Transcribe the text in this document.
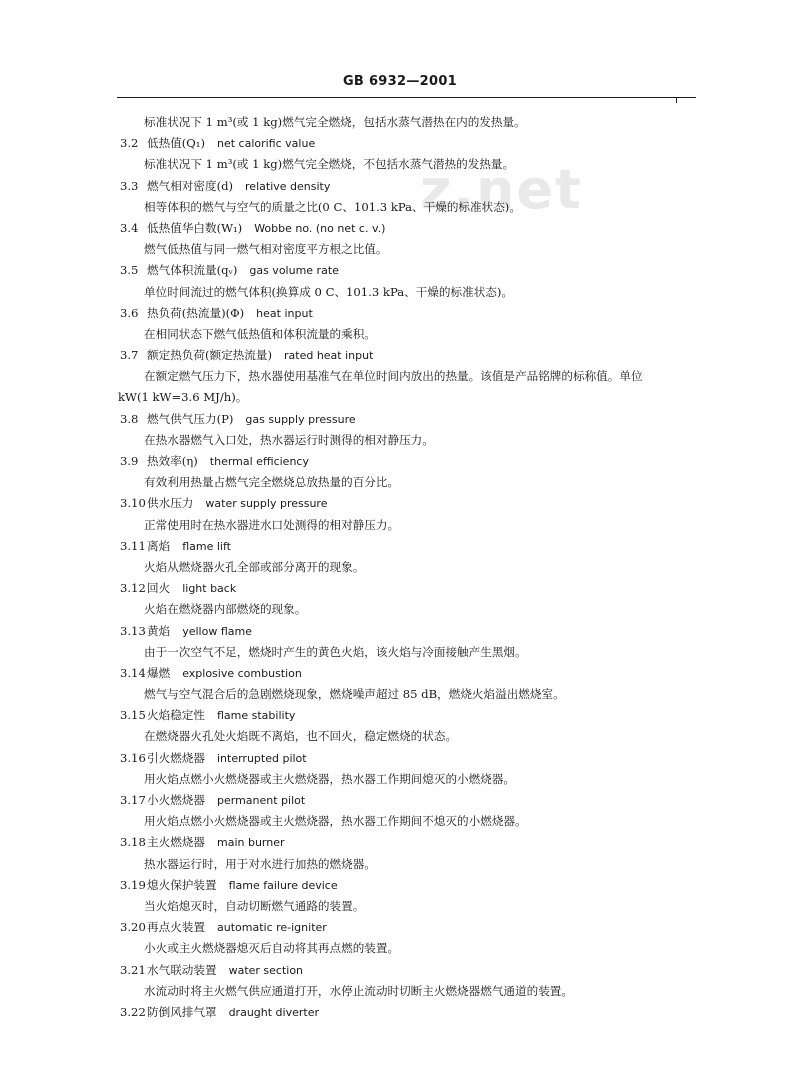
z.net
GB 6932—2001
标准状况下 1 m³(或 1 kg)燃气完全燃烧，包括水蒸气潜热在内的发热量。
3.2 低热值(Q₁) net calorific value
标准状况下 1 m³(或 1 kg)燃气完全燃烧，不包括水蒸气潜热的发热量。
3.3 燃气相对密度(d) relative density
相等体积的燃气与空气的质量之比(0 C、101.3 kPa、干燥的标准状态)。
3.4 低热值华白数(W₁) Wobbe no. (no net c. v.)
燃气低热值与同一燃气相对密度平方根之比值。
3.5 燃气体积流量(qᵥ) gas volume rate
单位时间流过的燃气体积(换算成 0 C、101.3 kPa、干燥的标准状态)。
3.6 热负荷(热流量)(Φ) heat input
在相同状态下燃气低热值和体积流量的乘积。
3.7 额定热负荷(额定热流量) rated heat input
在额定燃气压力下，热水器使用基准气在单位时间内放出的热量。该值是产品铭牌的标称值。单位
kW(1 kW=3.6 MJ/h)。
3.8 燃气供气压力(P) gas supply pressure
在热水器燃气入口处，热水器运行时测得的相对静压力。
3.9 热效率(η) thermal efficiency
有效利用热量占燃气完全燃烧总放热量的百分比。
3.10 供水压力 water supply pressure
正常使用时在热水器进水口处测得的相对静压力。
3.11 离焰 flame lift
火焰从燃烧器火孔全部或部分离开的现象。
3.12 回火 light back
火焰在燃烧器内部燃烧的现象。
3.13 黄焰 yellow flame
由于一次空气不足，燃烧时产生的黄色火焰，该火焰与冷面接触产生黑烟。
3.14 爆燃 explosive combustion
燃气与空气混合后的急剧燃烧现象，燃烧噪声超过 85 dB，燃烧火焰溢出燃烧室。
3.15 火焰稳定性 flame stability
在燃烧器火孔处火焰既不离焰，也不回火，稳定燃烧的状态。
3.16 引火燃烧器 interrupted pilot
用火焰点燃小火燃烧器或主火燃烧器，热水器工作期间熄灭的小燃烧器。
3.17 小火燃烧器 permanent pilot
用火焰点燃小火燃烧器或主火燃烧器，热水器工作期间不熄灭的小燃烧器。
3.18 主火燃烧器 main burner
热水器运行时，用于对水进行加热的燃烧器。
3.19 熄火保护装置 flame failure device
当火焰熄灭时，自动切断燃气通路的装置。
3.20 再点火装置 automatic re-igniter
小火或主火燃烧器熄灭后自动将其再点燃的装置。
3.21 水气联动装置 water section
水流动时将主火燃气供应通道打开，水停止流动时切断主火燃烧器燃气通道的装置。
3.22 防倒风排气罩 draught diverter
